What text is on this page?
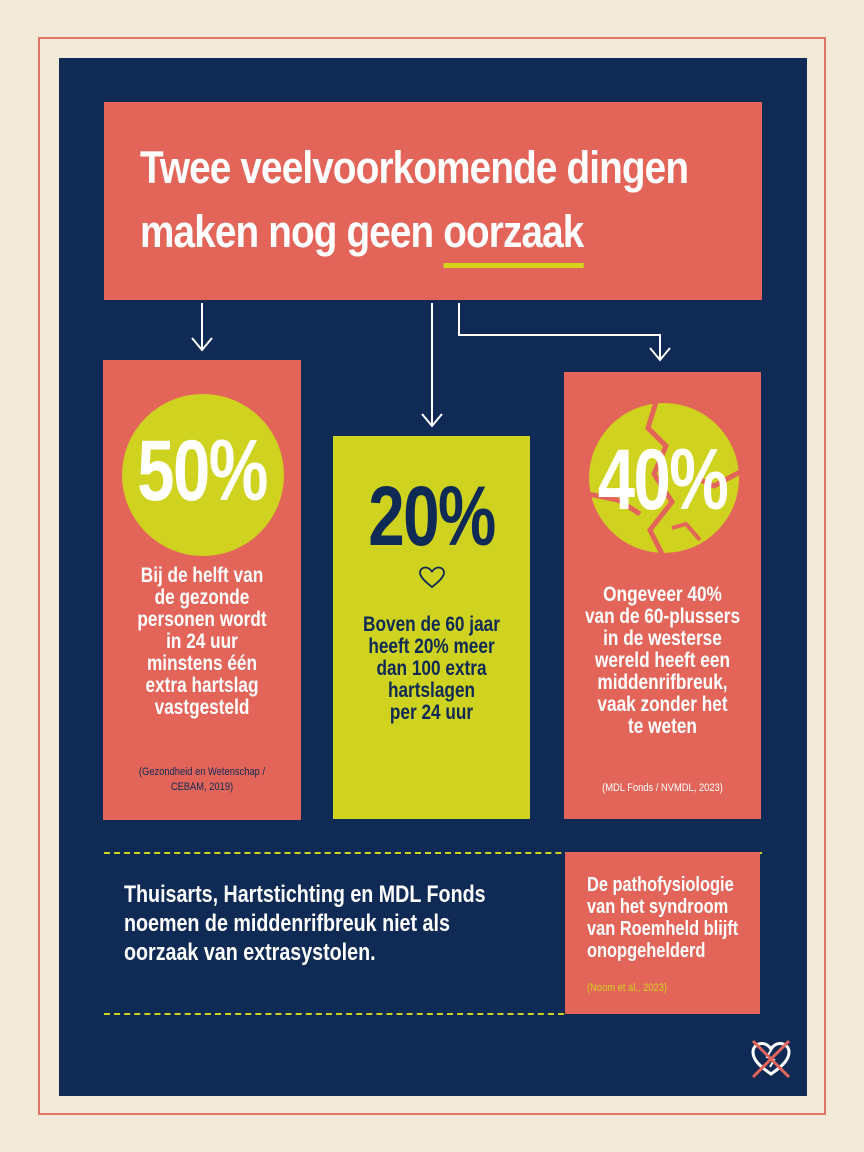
Twee veelvoorkomende dingen
maken nog geen oorzaak
50%
Bij de helft van
de gezonde
personen wordt
in 24 uur
minstens één
extra hartslag
vastgesteld
(Gezondheid en Wetenschap /
CEBAM, 2019)
20%
Boven de 60 jaar
heeft 20% meer
dan 100 extra
hartslagen
per 24 uur
40%
Ongeveer 40%
van de 60-plussers
in de westerse
wereld heeft een
middenrifbreuk,
vaak zonder het
te weten
(MDL Fonds / NVMDL, 2023)
Thuisarts, Hartstichting en MDL Fonds
noemen de middenrifbreuk niet als
oorzaak van extrasystolen.
De pathofysiologie
van het syndroom
van Roemheld blijft
onopgehelderd
(Noom et al., 2023)
